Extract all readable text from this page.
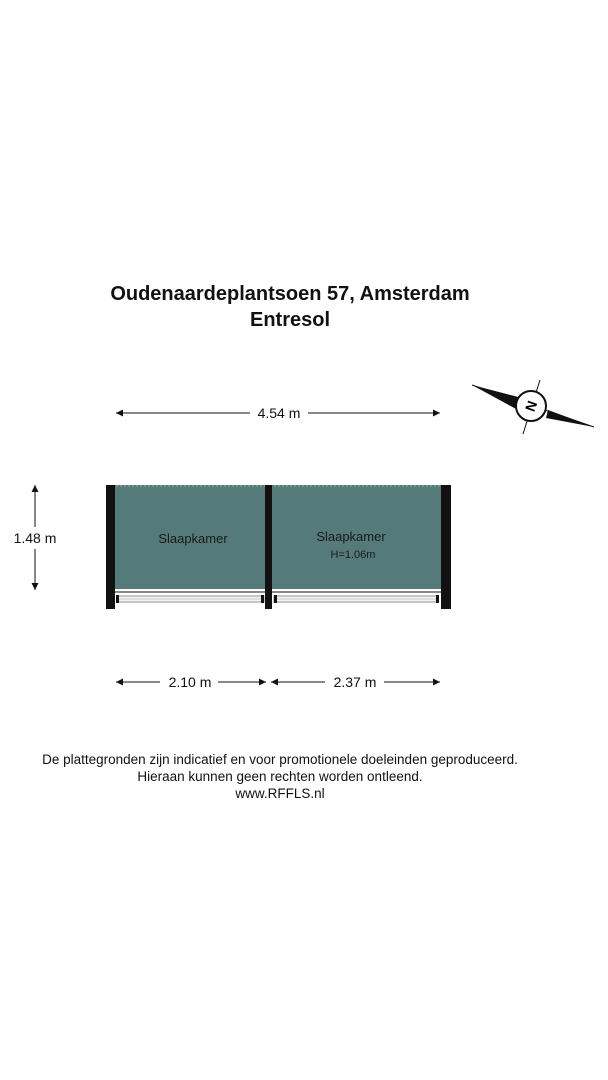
Oudenaardeplantsoen 57, Amsterdam
Entresol
N
4.54 m
1.48 m	Slaapkamer	Slaapkamer
H=1.06m
2.10 m	2.37 m
De plattegronden zijn indicatief en voor promotionele doeleinden geproduceerd.
Hieraan kunnen geen rechten worden ontleend.
www.RFFLS.nl
